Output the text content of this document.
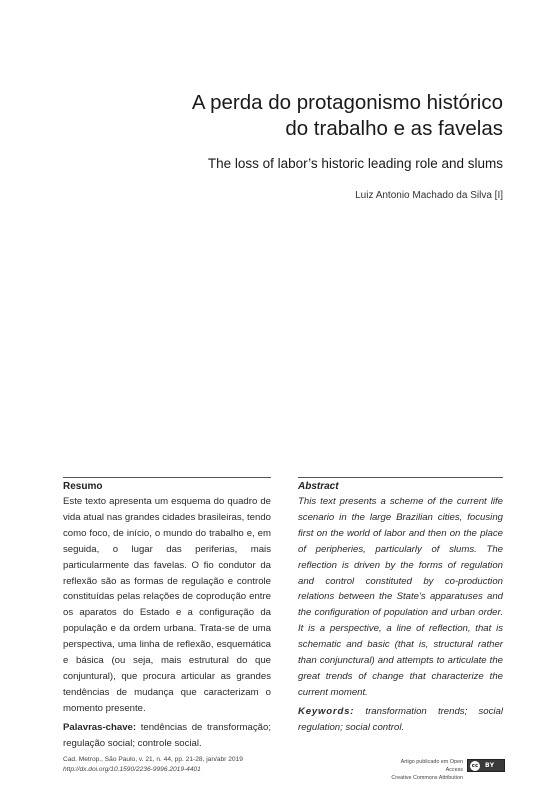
A perda do protagonismo histórico
do trabalho e as favelas

The loss of labor’s historic leading role and slums

Luiz Antonio Machado da Silva [I]
Resumo

Este texto apresenta um esquema do quadro de vida atual nas grandes cidades brasileiras, tendo como foco, de início, o mundo do trabalho e, em seguida, o lugar das periferias, mais particularmente das favelas. O fio condutor da reflexão são as formas de regulação e controle constituídas pelas relações de coprodução entre os aparatos do Estado e a configuração da população e da ordem urbana. Trata-se de uma perspectiva, uma linha de reflexão, esquemática e básica (ou seja, mais estrutural do que conjuntural), que procura articular as grandes tendências de mudança que caracterizam o momento presente.

Palavras-chave: tendências de transformação; regulação social; controle social.

Abstract

This text presents a scheme of the current life scenario in the large Brazilian cities, focusing first on the world of labor and then on the place of peripheries, particularly of slums. The reflection is driven by the forms of regulation and control constituted by co-production relations between the State’s apparatuses and the configuration of population and urban order. It is a perspective, a line of reflection, that is schematic and basic (that is, structural rather than conjunctural) and attempts to articulate the great trends of change that characterize the current moment.

Keywords: transformation trends; social regulation; social control.

Cad. Metrop., São Paulo, v. 21, n. 44, pp. 21-28, jan/abr 2019
http://dx.doi.org/10.1590/2236-9996.2019-4401
Artigo publicado em Open Access
Creative Commons Attribution
cc BY
